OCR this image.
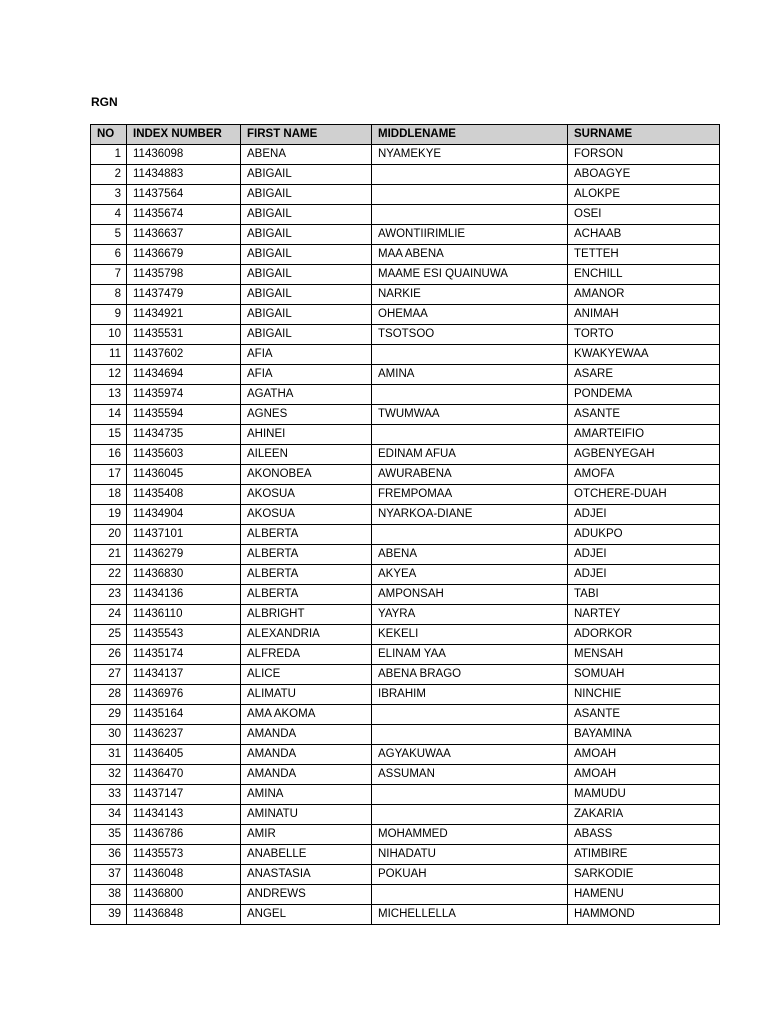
RGN
NO	INDEX NUMBER	FIRST NAME	MIDDLENAME	SURNAME
1	11436098	ABENA	NYAMEKYE	FORSON
2	11434883	ABIGAIL		ABOAGYE
3	11437564	ABIGAIL		ALOKPE
4	11435674	ABIGAIL		OSEI
5	11436637	ABIGAIL	AWONTIIRIMLIE	ACHAAB
6	11436679	ABIGAIL	MAA ABENA	TETTEH
7	11435798	ABIGAIL	MAAME ESI QUAINUWA	ENCHILL
8	11437479	ABIGAIL	NARKIE	AMANOR
9	11434921	ABIGAIL	OHEMAA	ANIMAH
10	11435531	ABIGAIL	TSOTSOO	TORTO
11	11437602	AFIA		KWAKYEWAA
12	11434694	AFIA	AMINA	ASARE
13	11435974	AGATHA		PONDEMA
14	11435594	AGNES	TWUMWAA	ASANTE
15	11434735	AHINEI		AMARTEIFIO
16	11435603	AILEEN	EDINAM AFUA	AGBENYEGAH
17	11436045	AKONOBEA	AWURABENA	AMOFA
18	11435408	AKOSUA	FREMPOMAA	OTCHERE-DUAH
19	11434904	AKOSUA	NYARKOA-DIANE	ADJEI
20	11437101	ALBERTA		ADUKPO
21	11436279	ALBERTA	ABENA	ADJEI
22	11436830	ALBERTA	AKYEA	ADJEI
23	11434136	ALBERTA	AMPONSAH	TABI
24	11436110	ALBRIGHT	YAYRA	NARTEY
25	11435543	ALEXANDRIA	KEKELI	ADORKOR
26	11435174	ALFREDA	ELINAM YAA	MENSAH
27	11434137	ALICE	ABENA BRAGO	SOMUAH
28	11436976	ALIMATU	IBRAHIM	NINCHIE
29	11435164	AMA AKOMA		ASANTE
30	11436237	AMANDA		BAYAMINA
31	11436405	AMANDA	AGYAKUWAA	AMOAH
32	11436470	AMANDA	ASSUMAN	AMOAH
33	11437147	AMINA		MAMUDU
34	11434143	AMINATU		ZAKARIA
35	11436786	AMIR	MOHAMMED	ABASS
36	11435573	ANABELLE	NIHADATU	ATIMBIRE
37	11436048	ANASTASIA	POKUAH	SARKODIE
38	11436800	ANDREWS		HAMENU
39	11436848	ANGEL	MICHELLELLA	HAMMOND
